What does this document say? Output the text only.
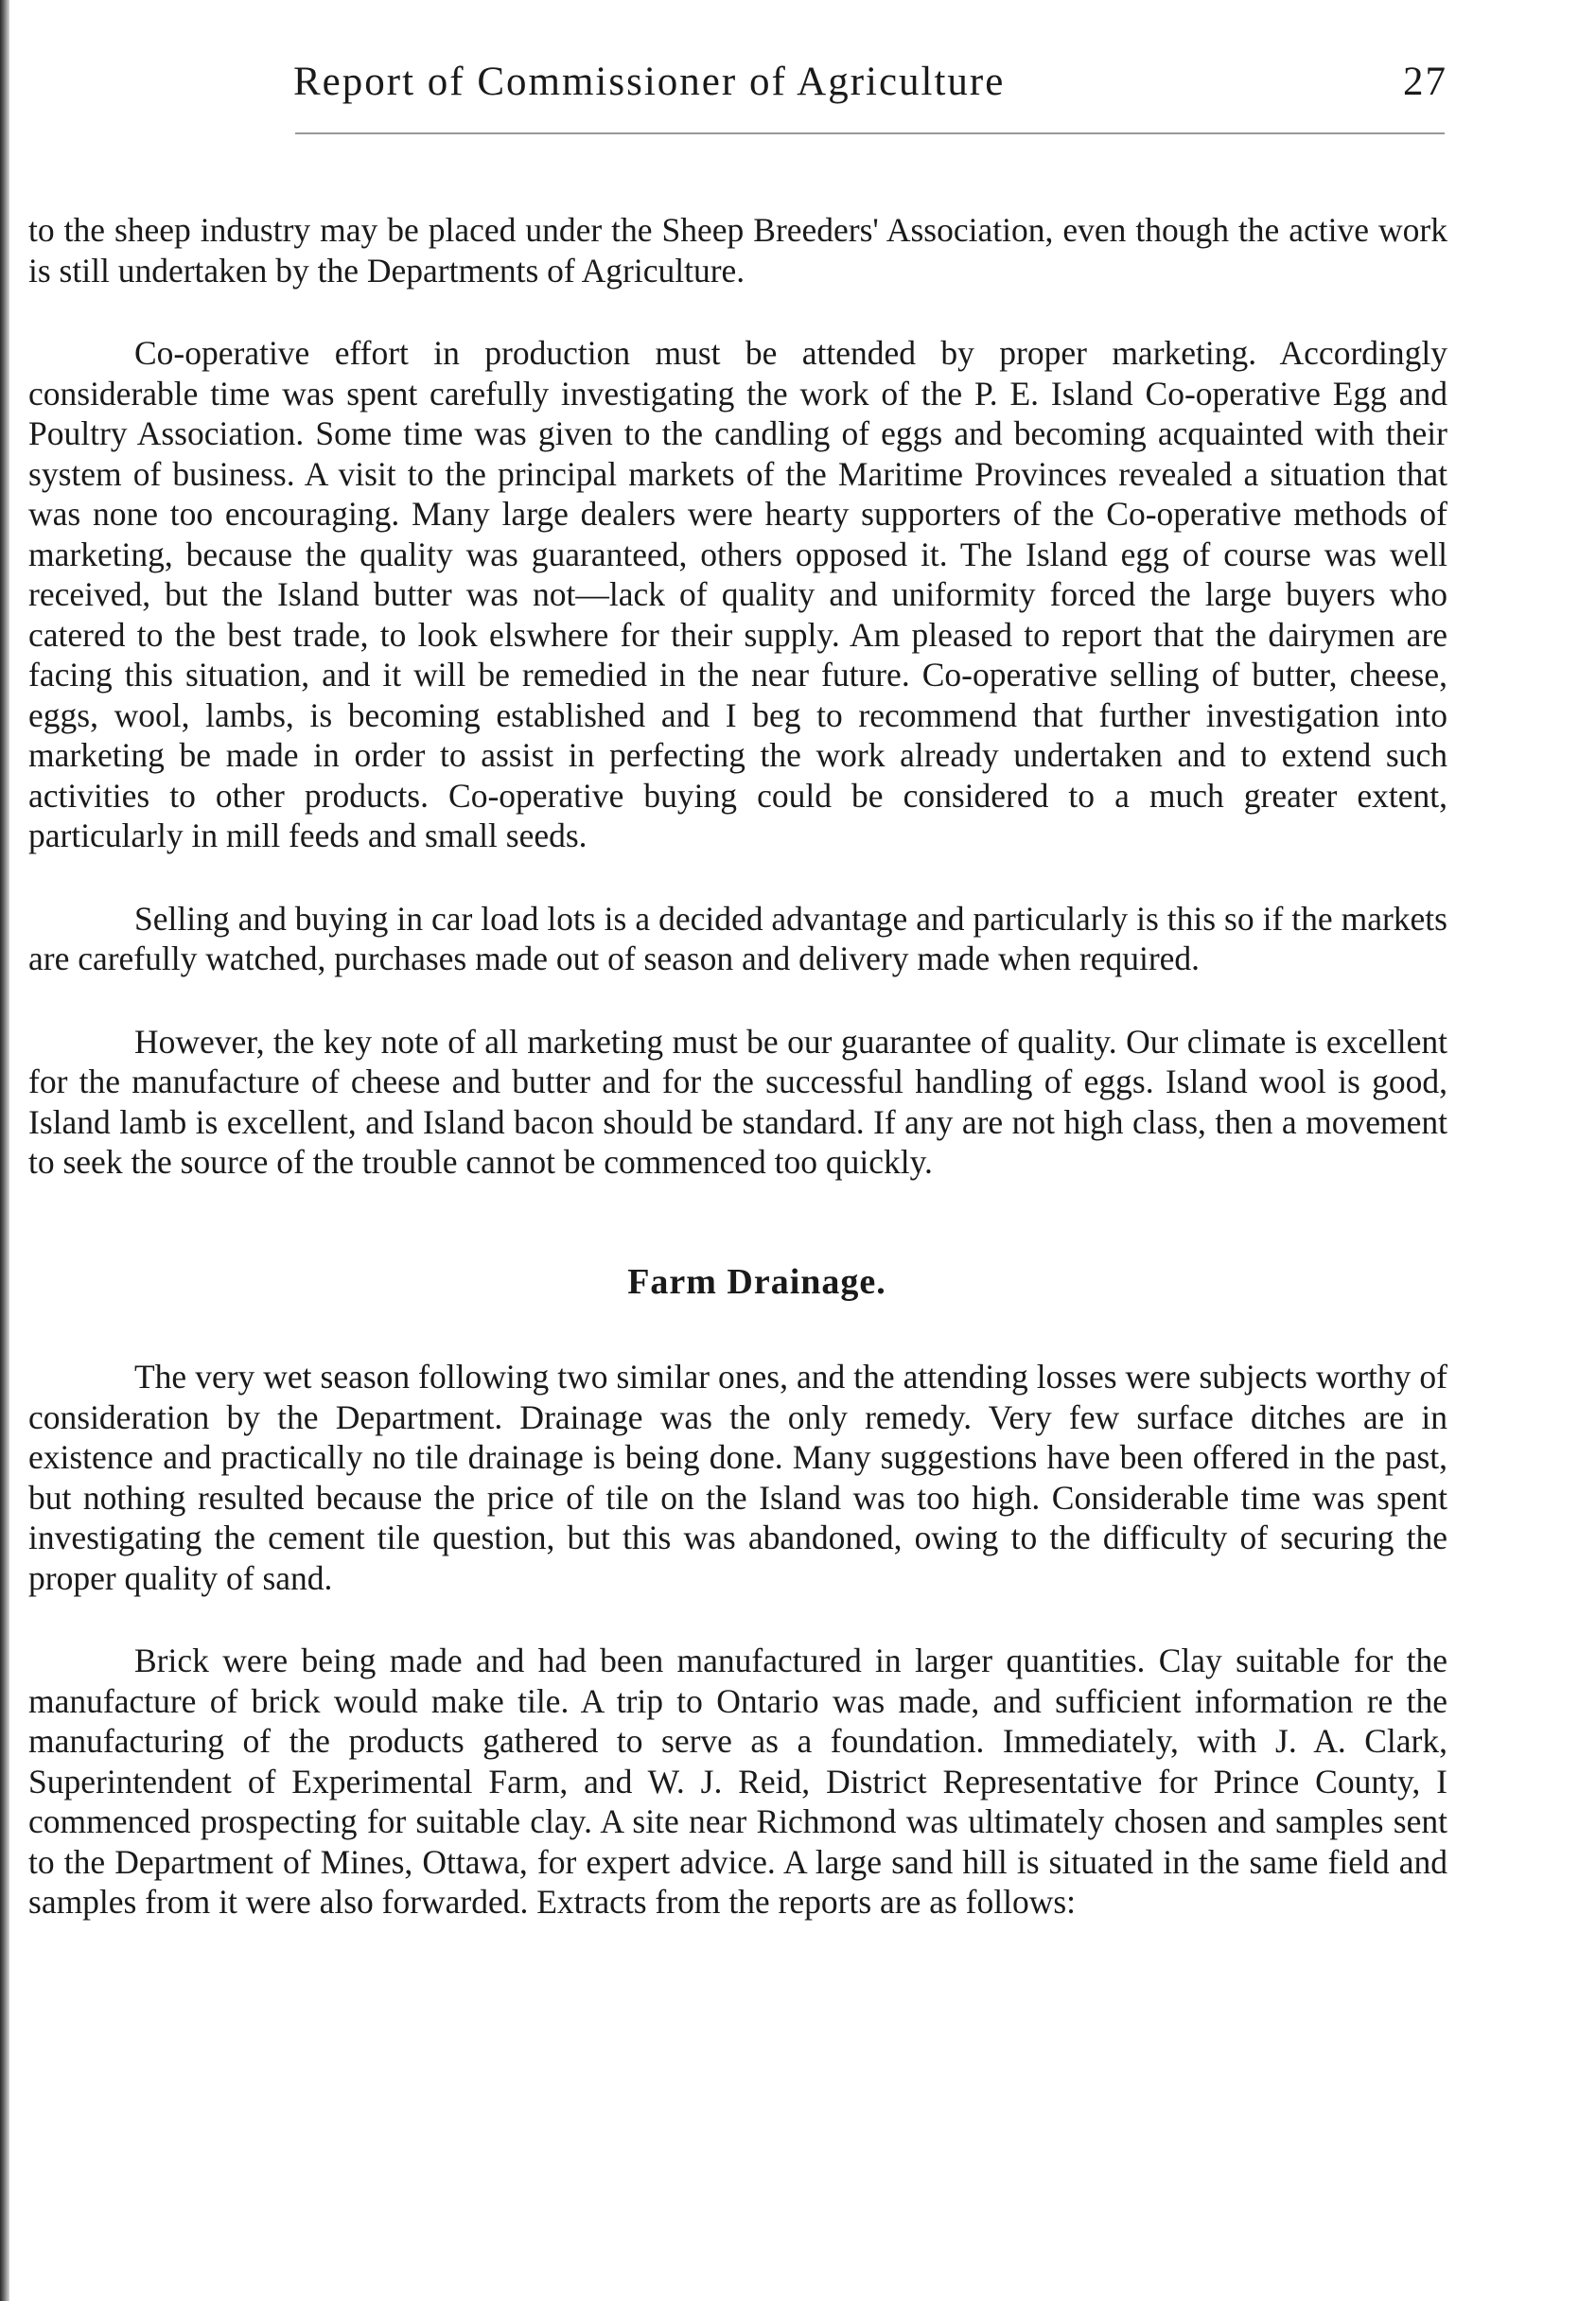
Report of Commissioner of Agriculture	27

to the sheep industry may be placed under the Sheep Breeders' Association, even though the active work is still undertaken by the Departments of Agriculture.

Co-operative effort in production must be attended by proper marketing. Accordingly considerable time was spent carefully investigating the work of the P. E. Island Co-operative Egg and Poultry Association. Some time was given to the candling of eggs and becoming acquainted with their system of business. A visit to the principal markets of the Maritime Provinces revealed a situation that was none too encouraging. Many large dealers were hearty supporters of the Co-operative methods of marketing, because the quality was guaranteed, others opposed it. The Island egg of course was well received, but the Island butter was not—lack of quality and uniformity forced the large buyers who catered to the best trade, to look elswhere for their supply. Am pleased to report that the dairymen are facing this situation, and it will be remedied in the near future. Co-operative selling of butter, cheese, eggs, wool, lambs, is becoming established and I beg to recommend that further investigation into marketing be made in order to assist in perfecting the work already undertaken and to extend such activities to other products. Co-operative buying could be considered to a much greater extent, particularly in mill feeds and small seeds.

Selling and buying in car load lots is a decided advantage and particularly is this so if the markets are carefully watched, purchases made out of season and delivery made when required.

However, the key note of all marketing must be our guarantee of quality. Our climate is excellent for the manufacture of cheese and butter and for the successful handling of eggs. Island wool is good, Island lamb is excellent, and Island bacon should be standard. If any are not high class, then a movement to seek the source of the trouble cannot be commenced too quickly.

Farm Drainage.

The very wet season following two similar ones, and the attending losses were subjects worthy of consideration by the Department. Drainage was the only remedy. Very few surface ditches are in existence and practically no tile drainage is being done. Many suggestions have been offered in the past, but nothing resulted because the price of tile on the Island was too high. Considerable time was spent investigating the cement tile question, but this was abandoned, owing to the difficulty of securing the proper quality of sand.

Brick were being made and had been manufactured in larger quantities. Clay suitable for the manufacture of brick would make tile. A trip to Ontario was made, and sufficient information re the manufacturing of the products gathered to serve as a foundation. Immediately, with J. A. Clark, Superintendent of Experimental Farm, and W. J. Reid, District Representative for Prince County, I commenced prospecting for suitable clay. A site near Richmond was ultimately chosen and samples sent to the Department of Mines, Ottawa, for expert advice. A large sand hill is situated in the same field and samples from it were also forwarded. Extracts from the reports are as follows:
